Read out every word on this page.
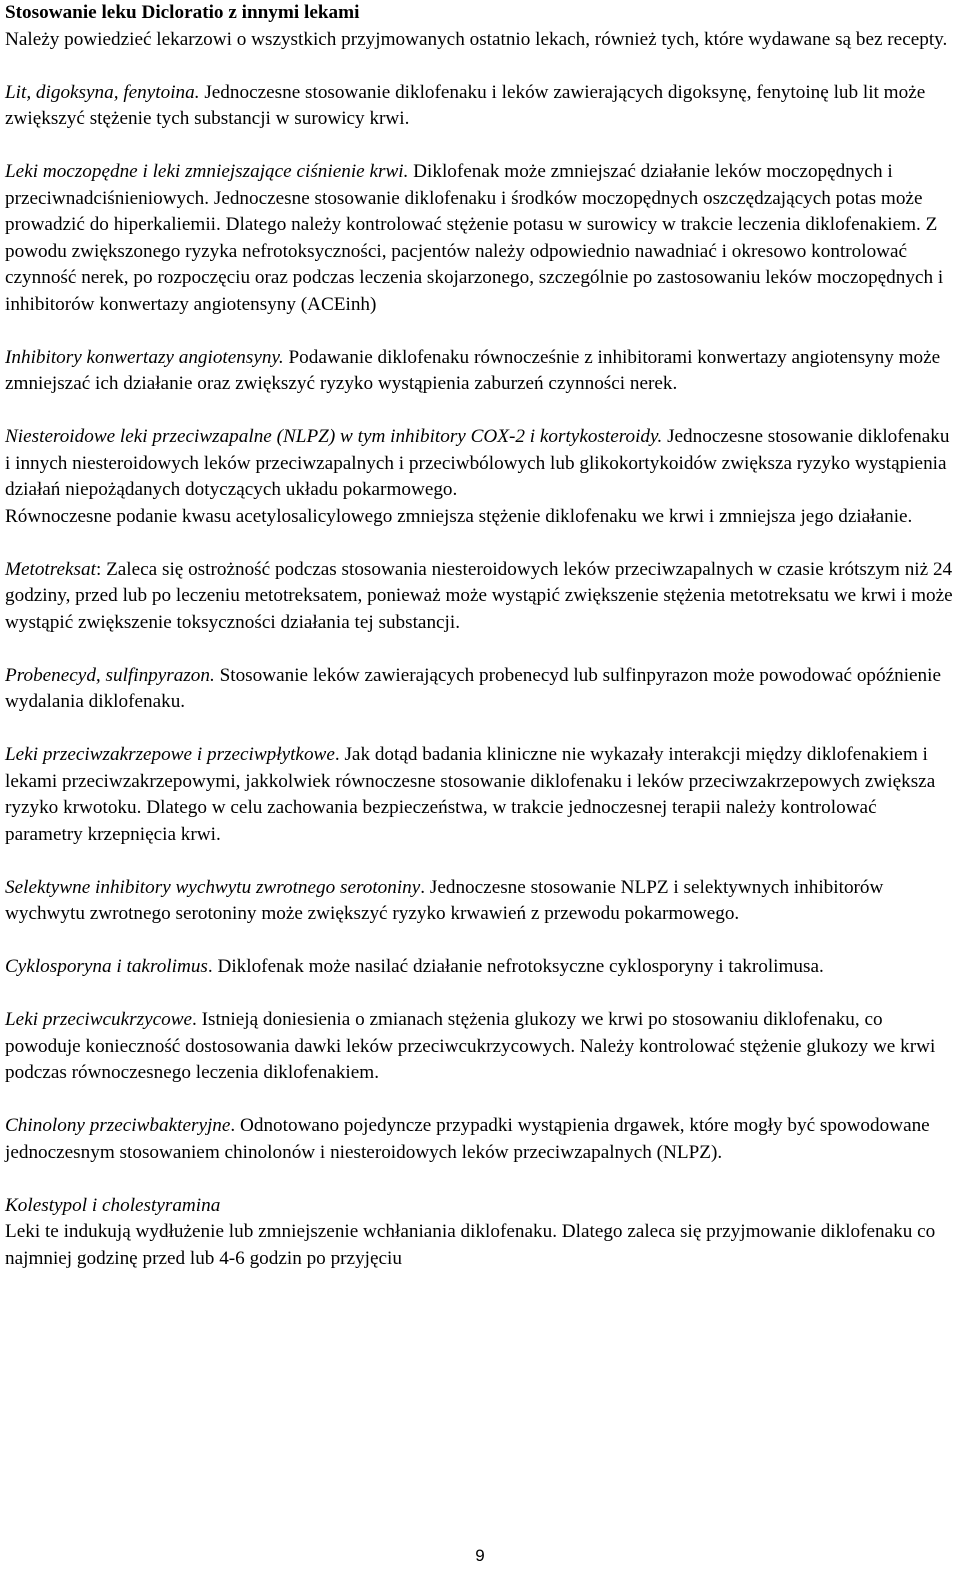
Stosowanie leku Dicloratio z innymi lekami
Należy powiedzieć lekarzowi o wszystkich przyjmowanych ostatnio lekach, również tych, które wydawane są bez recepty.

Lit, digoksyna, fenytoina. Jednoczesne stosowanie diklofenaku i leków zawierających digoksynę, fenytoinę lub lit może zwiększyć stężenie tych substancji w surowicy krwi.

Leki moczopędne i leki zmniejszające ciśnienie krwi. Diklofenak może zmniejszać działanie leków moczopędnych i przeciwnadciśnieniowych. Jednoczesne stosowanie diklofenaku i środków moczopędnych oszczędzających potas może prowadzić do hiperkaliemii. Dlatego należy kontrolować stężenie potasu w surowicy w trakcie leczenia diklofenakiem. Z powodu zwiększonego ryzyka nefrotoksyczności, pacjentów należy odpowiednio nawadniać i okresowo kontrolować czynność nerek, po rozpoczęciu oraz podczas leczenia skojarzonego, szczególnie po zastosowaniu leków moczopędnych i inhibitorów konwertazy angiotensyny (ACEinh)

Inhibitory konwertazy angiotensyny. Podawanie diklofenaku równocześnie z inhibitorami konwertazy angiotensyny może zmniejszać ich działanie oraz zwiększyć ryzyko wystąpienia zaburzeń czynności nerek.

Niesteroidowe leki przeciwzapalne (NLPZ) w tym inhibitory COX-2 i kortykosteroidy. Jednoczesne stosowanie diklofenaku i innych niesteroidowych leków przeciwzapalnych i przeciwbólowych lub glikokortykoidów zwiększa ryzyko wystąpienia działań niepożądanych dotyczących układu pokarmowego.
Równoczesne podanie kwasu acetylosalicylowego zmniejsza stężenie diklofenaku we krwi i zmniejsza jego działanie.

Metotreksat: Zaleca się ostrożność podczas stosowania niesteroidowych leków przeciwzapalnych w czasie krótszym niż 24 godziny, przed lub po leczeniu metotreksatem, ponieważ może wystąpić zwiększenie stężenia metotreksatu we krwi i może wystąpić zwiększenie toksyczności działania tej substancji.

Probenecyd, sulfinpyrazon. Stosowanie leków zawierających probenecyd lub sulfinpyrazon może powodować opóźnienie wydalania diklofenaku.

Leki przeciwzakrzepowe i przeciwpłytkowe. Jak dotąd badania kliniczne nie wykazały interakcji między diklofenakiem i lekami przeciwzakrzepowymi, jakkolwiek równoczesne stosowanie diklofenaku i leków przeciwzakrzepowych zwiększa ryzyko krwotoku. Dlatego w celu zachowania bezpieczeństwa, w trakcie jednoczesnej terapii należy kontrolować parametry krzepnięcia krwi.

Selektywne inhibitory wychwytu zwrotnego serotoniny. Jednoczesne stosowanie NLPZ i selektywnych inhibitorów wychwytu zwrotnego serotoniny może zwiększyć ryzyko krwawień z przewodu pokarmowego.

Cyklosporyna i takrolimus. Diklofenak może nasilać działanie nefrotoksyczne cyklosporyny i takrolimusa.

Leki przeciwcukrzycowe. Istnieją doniesienia o zmianach stężenia glukozy we krwi po stosowaniu diklofenaku, co powoduje konieczność dostosowania dawki leków przeciwcukrzycowych. Należy kontrolować stężenie glukozy we krwi podczas równoczesnego leczenia diklofenakiem.

Chinolony przeciwbakteryjne. Odnotowano pojedyncze przypadki wystąpienia drgawek, które mogły być spowodowane jednoczesnym stosowaniem chinolonów i niesteroidowych leków przeciwzapalnych (NLPZ).

Kolestypol i cholestyramina
Leki te indukują wydłużenie lub zmniejszenie wchłaniania diklofenaku. Dlatego zaleca się przyjmowanie diklofenaku co najmniej godzinę przed lub 4-6 godzin po przyjęciu

9
